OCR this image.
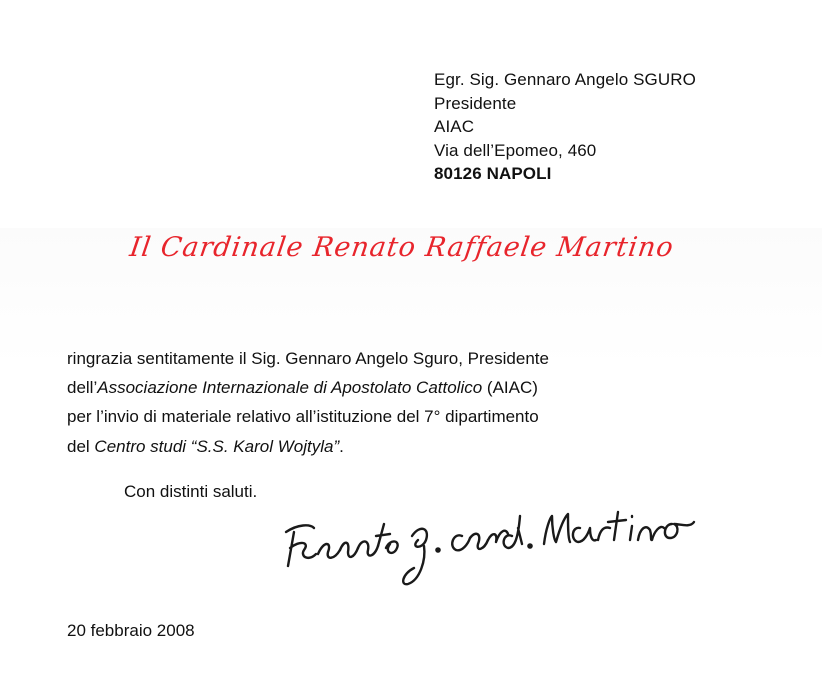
Egr. Sig. Gennaro Angelo SGURO
Presidente
AIAC
Via dell’Epomeo, 460
80126 NAPOLI
Il Cardinale Renato Raffaele Martino
ringrazia sentitamente il Sig. Gennaro Angelo Sguro, Presidente
dell’Associazione Internazionale di Apostolato Cattolico (AIAC)
per l’invio di materiale relativo all’istituzione del 7° dipartimento
del Centro studi “S.S. Karol Wojtyla”.
Con distinti saluti.
20 febbraio 2008
